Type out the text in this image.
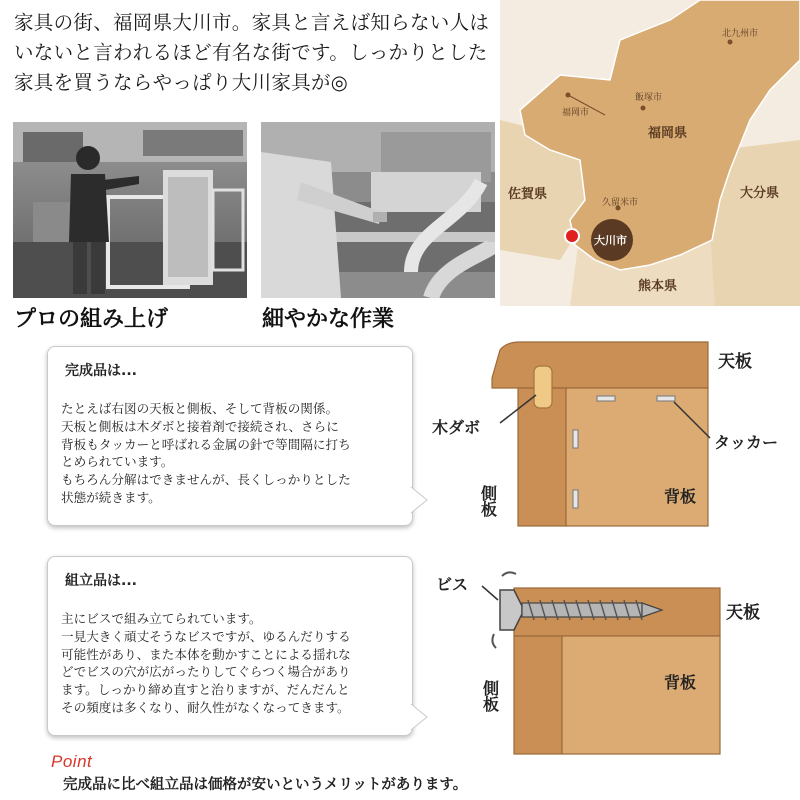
家具の街、福岡県大川市。家具と言えば知らない人はいないと言われるほど有名な街です。しっかりとした家具を買うならやっぱり大川家具が◎
プロの組み上げ	細やかな作業
北九州市
福岡市
飯塚市
福岡県
佐賀県	大分県
久留米市
大川市
熊本県
完成品は...
たとえば右図の天板と側板、そして背板の関係。
天板と側板は木ダボと接着剤で接続され、さらに
背板もタッカーと呼ばれる金属の針で等間隔に打ち
とめられています。
もちろん分解はできませんが、長くしっかりとした
状態が続きます。
天板
木ダボ
タッカー
側板	背板
組立品は...
主にビスで組み立てられています。
一見大きく頑丈そうなビスですが、ゆるんだりする
可能性があり、また本体を動かすことによる揺れな
どでビスの穴が広がったりしてぐらつく場合があり
ます。しっかり締め直すと治りますが、だんだんと
その頻度は多くなり、耐久性がなくなってきます。
ビス
天板
側板	背板
Point
完成品に比べ組立品は価格が安いというメリットがあります。
